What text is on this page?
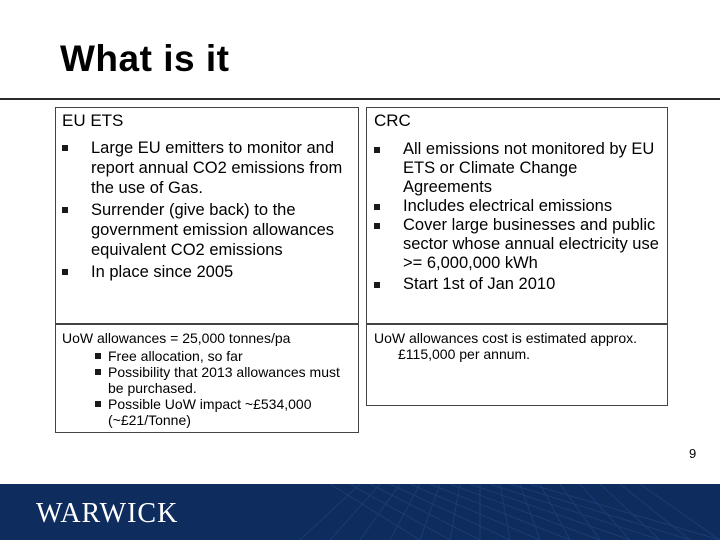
What is it
EU ETS
Large EU emitters to monitor and report annual CO2 emissions from the use of Gas.
Surrender (give back) to the government emission allowances equivalent CO2 emissions
In place since 2005
UoW allowances = 25,000 tonnes/pa
Free allocation, so far
Possibility that 2013 allowances must be purchased.
Possible UoW impact ~£534,000 (~£21/Tonne)
CRC
All emissions not monitored by EU ETS or Climate Change Agreements
Includes electrical emissions
Cover large businesses and public sector whose annual electricity use >= 6,000,000 kWh
Start 1st of Jan 2010
UoW allowances cost is estimated approx. £115,000 per annum.
9
WARWICK
